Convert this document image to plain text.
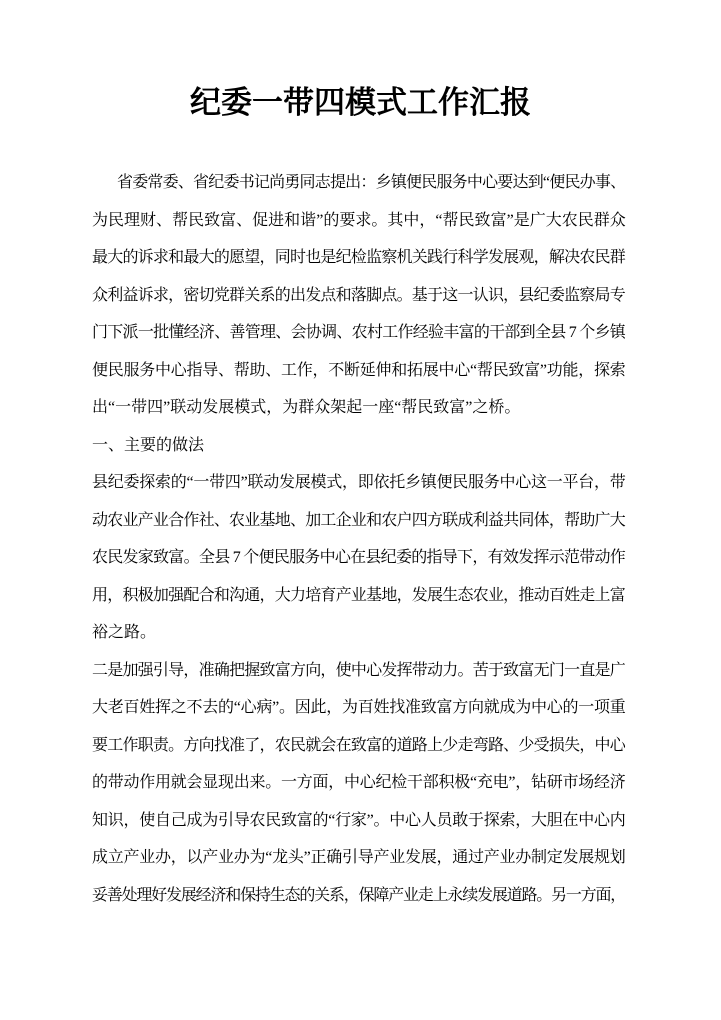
纪委一带四模式工作汇报
省委常委、省纪委书记尚勇同志提出：乡镇便民服务中心要达到“便民办事、
为民理财、帮民致富、促进和谐”的要求。其中，“帮民致富”是广大农民群众
最大的诉求和最大的愿望，同时也是纪检监察机关践行科学发展观，解决农民群
众利益诉求，密切党群关系的出发点和落脚点。基于这一认识，县纪委监察局专
门下派一批懂经济、善管理、会协调、农村工作经验丰富的干部到全县 7 个乡镇
便民服务中心指导、帮助、工作，不断延伸和拓展中心“帮民致富”功能，探索
出“一带四”联动发展模式，为群众架起一座“帮民致富”之桥。
一、主要的做法
县纪委探索的“一带四”联动发展模式，即依托乡镇便民服务中心这一平台，带
动农业产业合作社、农业基地、加工企业和农户四方联成利益共同体，帮助广大
农民发家致富。全县 7 个便民服务中心在县纪委的指导下，有效发挥示范带动作
用，积极加强配合和沟通，大力培育产业基地，发展生态农业，推动百姓走上富
裕之路。
二是加强引导，准确把握致富方向，使中心发挥带动力。苦于致富无门一直是广
大老百姓挥之不去的“心病”。因此，为百姓找准致富方向就成为中心的一项重
要工作职责。方向找准了，农民就会在致富的道路上少走弯路、少受损失，中心
的带动作用就会显现出来。一方面，中心纪检干部积极“充电”，钻研市场经济
知识，使自己成为引导农民致富的“行家”。中心人员敢于探索，大胆在中心内
成立产业办，以产业办为“龙头”正确引导产业发展，通过产业办制定发展规划
妥善处理好发展经济和保持生态的关系，保障产业走上永续发展道路。另一方面，
